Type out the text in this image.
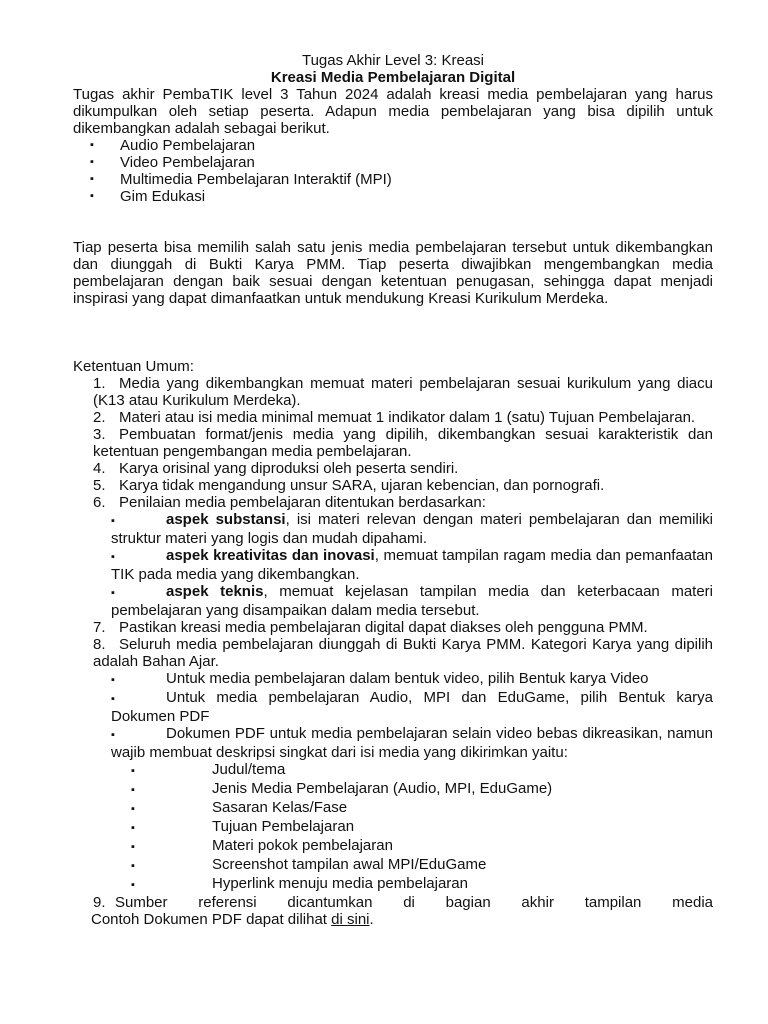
Tugas Akhir Level 3: Kreasi
Kreasi Media Pembelajaran Digital
Tugas akhir PembaTIK level 3 Tahun 2024 adalah kreasi media pembelajaran yang harus dikumpulkan oleh setiap peserta. Adapun media pembelajaran yang bisa dipilih untuk dikembangkan adalah sebagai berikut.
▪ Audio Pembelajaran
▪ Video Pembelajaran
▪ Multimedia Pembelajaran Interaktif (MPI)
▪ Gim Edukasi
Tiap peserta bisa memilih salah satu jenis media pembelajaran tersebut untuk dikembangkan dan diunggah di Bukti Karya PMM. Tiap peserta diwajibkan mengembangkan media pembelajaran dengan baik sesuai dengan ketentuan penugasan, sehingga dapat menjadi inspirasi yang dapat dimanfaatkan untuk mendukung Kreasi Kurikulum Merdeka.
Ketentuan Umum:
1. Media yang dikembangkan memuat materi pembelajaran sesuai kurikulum yang diacu (K13 atau Kurikulum Merdeka).
2. Materi atau isi media minimal memuat 1 indikator dalam 1 (satu) Tujuan Pembelajaran.
3. Pembuatan format/jenis media yang dipilih, dikembangkan sesuai karakteristik dan ketentuan pengembangan media pembelajaran.
4. Karya orisinal yang diproduksi oleh peserta sendiri.
5. Karya tidak mengandung unsur SARA, ujaran kebencian, dan pornografi.
6. Penilaian media pembelajaran ditentukan berdasarkan:
▪	aspek substansi, isi materi relevan dengan materi pembelajaran dan memiliki struktur materi yang logis dan mudah dipahami.
▪	aspek kreativitas dan inovasi, memuat tampilan ragam media dan pemanfaatan TIK pada media yang dikembangkan.
▪	aspek teknis, memuat kejelasan tampilan media dan keterbacaan materi pembelajaran yang disampaikan dalam media tersebut.
7. Pastikan kreasi media pembelajaran digital dapat diakses oleh pengguna PMM.
8. Seluruh media pembelajaran diunggah di Bukti Karya PMM. Kategori Karya yang dipilih adalah Bahan Ajar.
▪	Untuk media pembelajaran dalam bentuk video, pilih Bentuk karya Video
▪	Untuk media pembelajaran Audio, MPI dan EduGame, pilih Bentuk karya Dokumen PDF
▪	Dokumen PDF untuk media pembelajaran selain video bebas dikreasikan, namun wajib membuat deskripsi singkat dari isi media yang dikirimkan yaitu:
▪	Judul/tema
▪	Jenis Media Pembelajaran (Audio, MPI, EduGame)
▪	Sasaran Kelas/Fase
▪	Tujuan Pembelajaran
▪	Materi pokok pembelajaran
▪	Screenshot tampilan awal MPI/EduGame
▪	Hyperlink menuju media pembelajaran
9. Sumber referensi dicantumkan di bagian akhir tampilan media
Contoh Dokumen PDF dapat dilihat di sini.
